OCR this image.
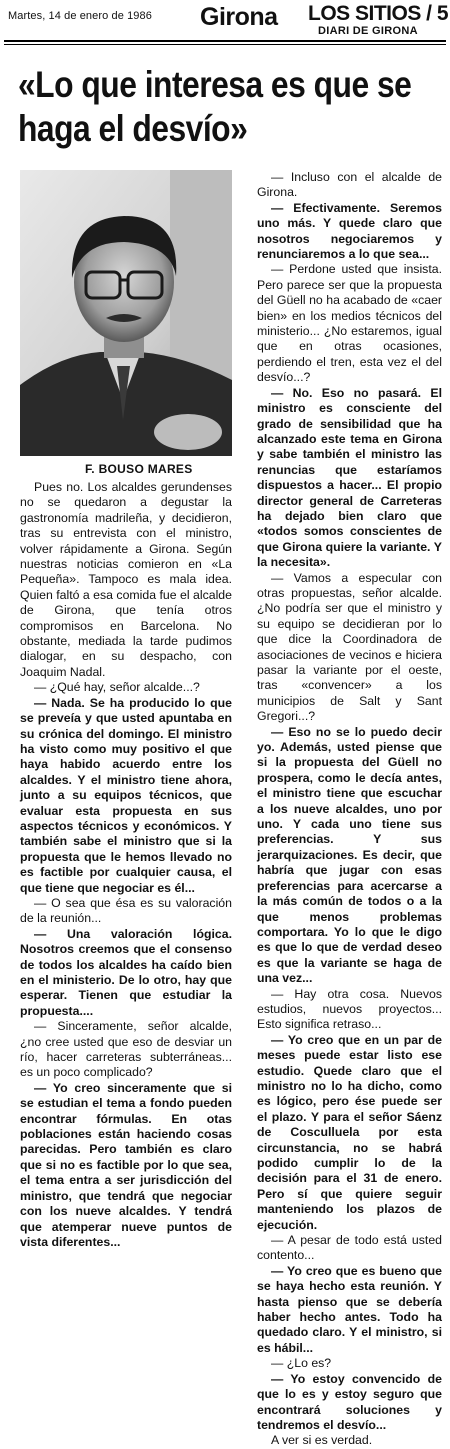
Martes, 14 de enero de 1986 Girona LOS SITIOS / 5
DIARI DE GIRONA
«Lo que interesa es que se haga el desvío»
F. BOUSO MARES

Pues no. Los alcaldes gerundenses no se quedaron a degustar la gastronomía madrileña, y decidieron, tras su entrevista con el ministro, volver rápidamente a Girona. Según nuestras noticias comieron en «La Pequeña». Tampoco es mala idea. Quien faltó a esa comida fue el alcalde de Girona, que tenía otros compromisos en Barcelona. No obstante, mediada la tarde pudimos dialogar, en su despacho, con Joaquim Nadal.

— ¿Qué hay, señor alcalde...?

— Nada. Se ha producido lo que se preveía y que usted apuntaba en su crónica del domingo. El ministro ha visto como muy positivo el que haya habido acuerdo entre los alcaldes. Y el ministro tiene ahora, junto a su equipos técnicos, que evaluar esta propuesta en sus aspectos técnicos y económicos. Y también sabe el ministro que si la propuesta que le hemos llevado no es factible por cualquier causa, el que tiene que negociar es él...

— O sea que ésa es su valoración de la reunión...

— Una valoración lógica. Nosotros creemos que el consenso de todos los alcaldes ha caído bien en el ministerio. De lo otro, hay que esperar. Tienen que estudiar la propuesta....

— Sinceramente, señor alcalde, ¿no cree usted que eso de desviar un río, hacer carreteras subterráneas... es un poco complicado?

— Yo creo sinceramente que si se estudian el tema a fondo pueden encontrar fórmulas. En otas poblaciones están haciendo cosas parecidas. Pero también es claro que si no es factible por lo que sea, el tema entra a ser jurisdicción del ministro, que tendrá que negociar con los nueve alcaldes. Y tendrá que atemperar nueve puntos de vista diferentes...

— Incluso con el alcalde de Girona.

— Efectivamente. Seremos uno más. Y quede claro que nosotros negociaremos y renunciaremos a lo que sea...

— Perdone usted que insista. Pero parece ser que la propuesta del Güell no ha acabado de «caer bien» en los medios técnicos del ministerio... ¿No estaremos, igual que en otras ocasiones, perdiendo el tren, esta vez el del desvío...?

— No. Eso no pasará. El ministro es consciente del grado de sensibilidad que ha alcanzado este tema en Girona y sabe también el ministro las renuncias que estaríamos dispuestos a hacer... El propio director general de Carreteras ha dejado bien claro que «todos somos conscientes de que Girona quiere la variante. Y la necesita».

— Vamos a especular con otras propuestas, señor alcalde. ¿No podría ser que el ministro y su equipo se decidieran por lo que dice la Coordinadora de asociaciones de vecinos e hiciera pasar la variante por el oeste, tras «convencer» a los municipios de Salt y Sant Gregori...?

— Eso no se lo puedo decir yo. Además, usted piense que si la propuesta del Güell no prospera, como le decía antes, el ministro tiene que escuchar a los nueve alcaldes, uno por uno. Y cada uno tiene sus preferencias. Y sus jerarquizaciones. Es decir, que habría que jugar con esas preferencias para acercarse a la más común de todos o a la que menos problemas comportara. Yo lo que le digo es que lo que de verdad deseo es que la variante se haga de una vez...

— Hay otra cosa. Nuevos estudios, nuevos proyectos... Esto significa retraso...

— Yo creo que en un par de meses puede estar listo ese estudio. Quede claro que el ministro no lo ha dicho, como es lógico, pero ése puede ser el plazo. Y para el señor Sáenz de Cosculluela por esta circunstancia, no se habrá podido cumplir lo de la decisión para el 31 de enero. Pero sí que quiere seguir manteniendo los plazos de ejecución.

— A pesar de todo está usted contento...

— Yo creo que es bueno que se haya hecho esta reunión. Y hasta pienso que se debería haber hecho antes. Todo ha quedado claro. Y el ministro, si es hábil...

— ¿Lo es?

— Yo estoy convencido de que lo es y estoy seguro que encontrará soluciones y tendremos el desvío...

A ver si es verdad.
